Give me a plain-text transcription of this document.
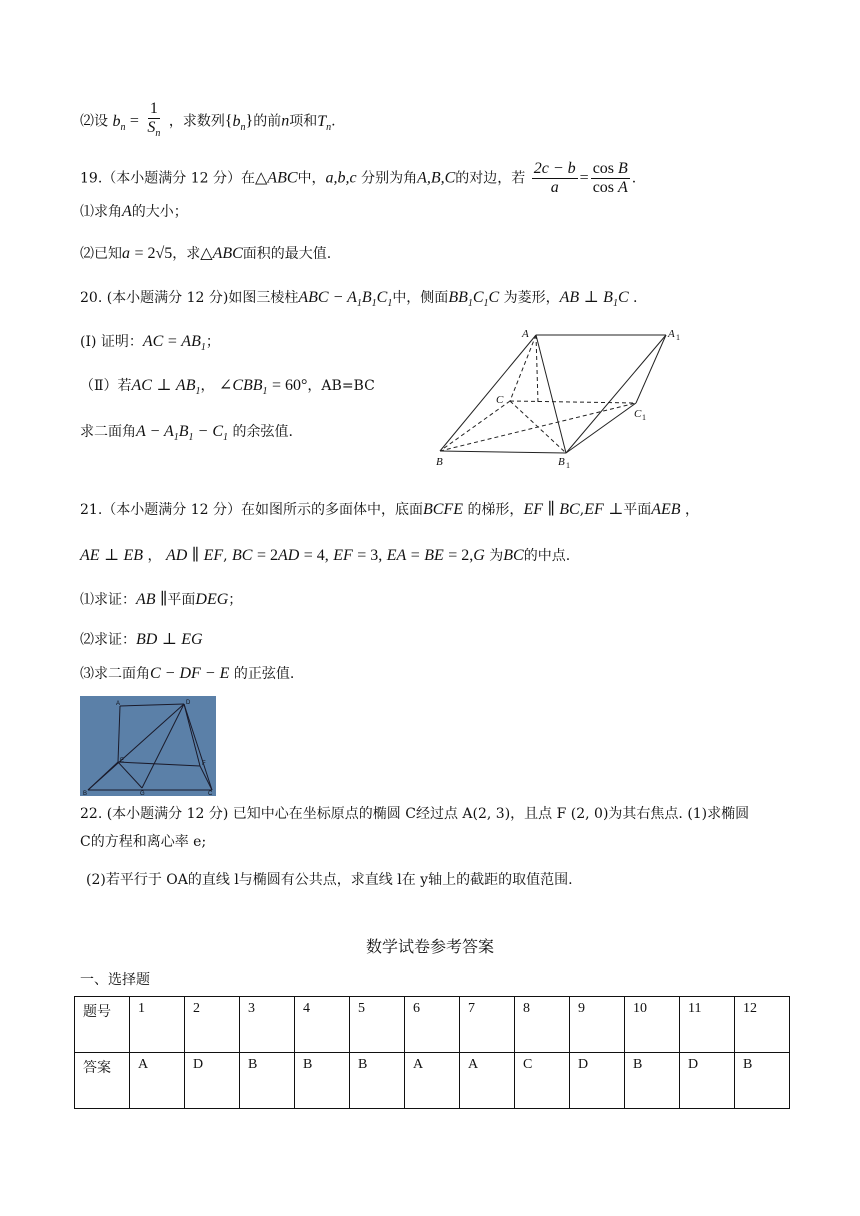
⑵设 $b_n = \frac{1}{S_n}$ ，求数列$\{b_n\}$的前n项和$T_n$.
19.（本小题满分 12 分）在△ABC中，a,b,c 分别为角A,B,C的对边，若 $\frac{2c - b}{a} = \frac{\text{cos B}}{\text{cos A}}$ .
⑴求角A的大小；
⑵已知a = 2√5，求△ABC面积的最大值.
20. (本小题满分 12 分)如图三棱柱ABC − $A_1B_1C_1$中，侧面$BB_1C_1C$ 为菱形，AB ⊥ $B_1C$ .
(Ⅰ) 证明：AC = $AB_1$；
（Ⅱ）若AC ⊥ $AB_1$， $\angle CBB_1 = 60^\circ$，AB=BC
求二面角$A - A_1B_1 - C_1$ 的余弦值.
A	A
C
C
B	B
1
1
1
21.（本小题满分 12 分）在如图所示的多面体中，底面BCFE 的梯形，EF ∥ BC,EF ⊥平面AEB ，
AE ⊥ EB ， AD ∥ EF, BC = 2AD = 4, EF = 3, EA = BE = 2,G 为BC的中点.
⑴求证：AB ∥平面DEG；
⑵求证：BD ⊥ EG
⑶求二面角C − DF − E 的正弦值.
A	D
E	F
B	G	C
22. (本小题满分 12 分) 已知中心在坐标原点的椭圆 C经过点 A(2, 3)，且点 F (2, 0)为其右焦点. (1)求椭圆
C的方程和离心率 e;
(2)若平行于 OA的直线 l与椭圆有公共点，求直线 l在 y轴上的截距的取值范围.
数学试卷参考答案
一、选择题
题号	1	2	3	4	5	6	7	8	9	10	11	12
答案	A	D	B	B	B	A	A	C	D	B	D	B
